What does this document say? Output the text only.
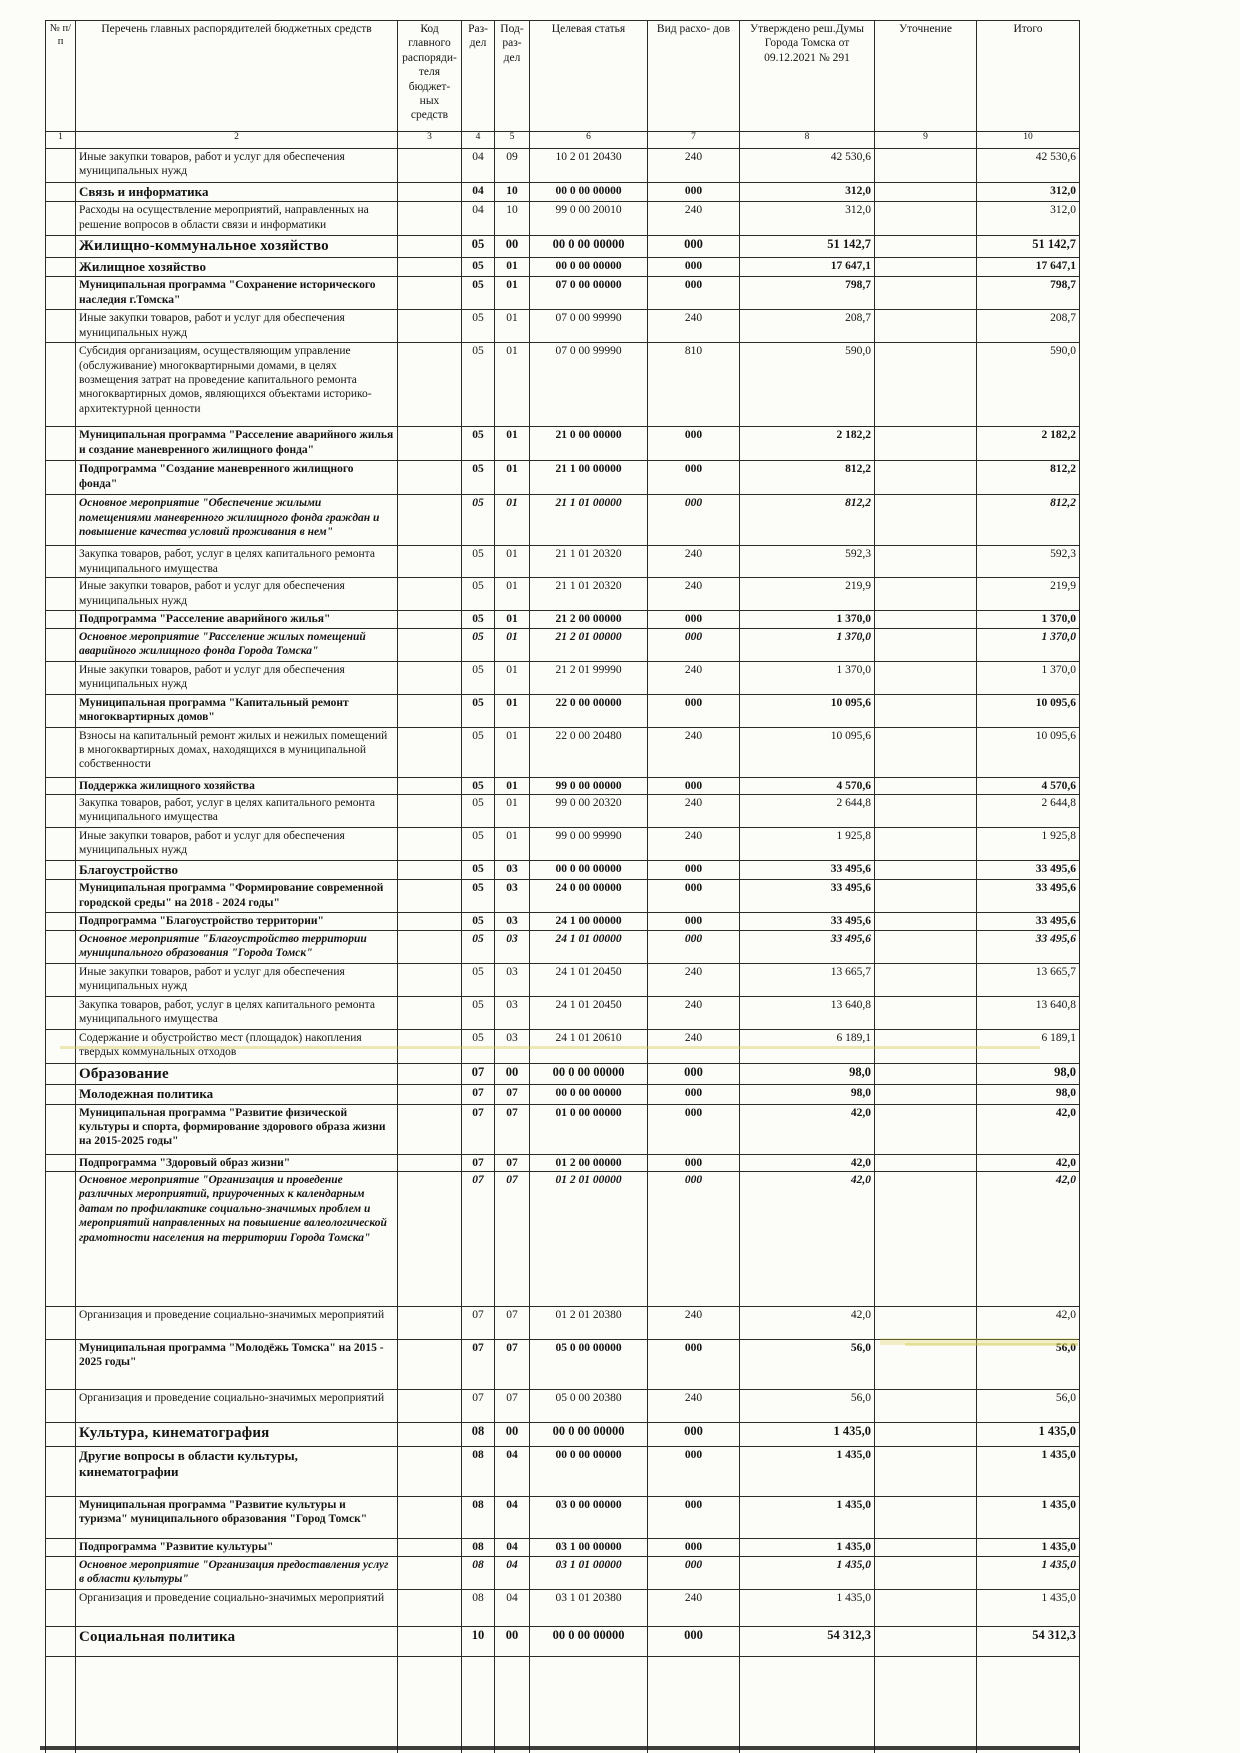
№ п/п	Перечень главных распорядителей бюджетных средств	Код главного распоряди- теля бюджет- ных средств	Раз- дел	Под- раз- дел	Целевая статья	Вид расхо- дов	Утверждено реш.Думы Города Томска от 09.12.2021 № 291	Уточнение	Итого
1	2	3	4	5	6	7	8	9	10
	Иные закупки товаров, работ и услуг для обеспечения муниципальных нужд		04	09	10 2 01 20430	240	42 530,6		42 530,6
	Связь и информатика		04	10	00 0 00 00000	000	312,0		312,0
	Расходы на осуществление мероприятий, направленных на решение вопросов в области связи и информатики		04	10	99 0 00 20010	240	312,0		312,0
	Жилищно-коммунальное хозяйство		05	00	00 0 00 00000	000	51 142,7		51 142,7
	Жилищное хозяйство		05	01	00 0 00 00000	000	17 647,1		17 647,1
	Муниципальная программа "Сохранение исторического наследия г.Томска"		05	01	07 0 00 00000	000	798,7		798,7
	Иные закупки товаров, работ и услуг для обеспечения муниципальных нужд		05	01	07 0 00 99990	240	208,7		208,7
	Субсидия организациям, осуществляющим управление (обслуживание) многоквартирными домами, в целях возмещения затрат на проведение капитального ремонта многоквартирных домов, являющихся объектами историко-архитектурной ценности		05	01	07 0 00 99990	810	590,0		590,0
	Муниципальная программа "Расселение аварийного жилья и создание маневренного жилищного фонда"		05	01	21 0 00 00000	000	2 182,2		2 182,2
	Подпрограмма "Создание маневренного жилищного фонда"		05	01	21 1 00 00000	000	812,2		812,2
	Основное мероприятие "Обеспечение жилыми помещениями маневренного жилищного фонда граждан и повышение качества условий проживания в нем"		05	01	21 1 01 00000	000	812,2		812,2
	Закупка товаров, работ, услуг в целях капитального ремонта муниципального имущества		05	01	21 1 01 20320	240	592,3		592,3
	Иные закупки товаров, работ и услуг для обеспечения муниципальных нужд		05	01	21 1 01 20320	240	219,9		219,9
	Подпрограмма "Расселение аварийного жилья"		05	01	21 2 00 00000	000	1 370,0		1 370,0
	Основное мероприятие "Расселение жилых помещений аварийного жилищного фонда Города Томска"		05	01	21 2 01 00000	000	1 370,0		1 370,0
	Иные закупки товаров, работ и услуг для обеспечения муниципальных нужд		05	01	21 2 01 99990	240	1 370,0		1 370,0
	Муниципальная программа "Капитальный ремонт многоквартирных домов"		05	01	22 0 00 00000	000	10 095,6		10 095,6
	Взносы на капитальный ремонт жилых и нежилых помещений в многоквартирных домах, находящихся в муниципальной собственности		05	01	22 0 00 20480	240	10 095,6		10 095,6
	Поддержка жилищного хозяйства		05	01	99 0 00 00000	000	4 570,6		4 570,6
	Закупка товаров, работ, услуг в целях капитального ремонта муниципального имущества		05	01	99 0 00 20320	240	2 644,8		2 644,8
	Иные закупки товаров, работ и услуг для обеспечения муниципальных нужд		05	01	99 0 00 99990	240	1 925,8		1 925,8
	Благоустройство		05	03	00 0 00 00000	000	33 495,6		33 495,6
	Муниципальная программа "Формирование современной городской среды" на 2018 - 2024 годы"		05	03	24 0 00 00000	000	33 495,6		33 495,6
	Подпрограмма "Благоустройство территории"		05	03	24 1 00 00000	000	33 495,6		33 495,6
	Основное мероприятие "Благоустройство территории муниципального образования "Города Томск"		05	03	24 1 01 00000	000	33 495,6		33 495,6
	Иные закупки товаров, работ и услуг для обеспечения муниципальных нужд		05	03	24 1 01 20450	240	13 665,7		13 665,7
	Закупка товаров, работ, услуг в целях капитального ремонта муниципального имущества		05	03	24 1 01 20450	240	13 640,8		13 640,8
	Содержание и обустройство мест (площадок) накопления твердых коммунальных отходов		05	03	24 1 01 20610	240	6 189,1		6 189,1
	Образование		07	00	00 0 00 00000	000	98,0		98,0
	Молодежная политика		07	07	00 0 00 00000	000	98,0		98,0
	Муниципальная программа "Развитие физической культуры и спорта, формирование здорового образа жизни на 2015-2025 годы"		07	07	01 0 00 00000	000	42,0		42,0
	Подпрограмма "Здоровый образ жизни"		07	07	01 2 00 00000	000	42,0		42,0
	Основное мероприятие "Организация и проведение различных мероприятий, приуроченных к календарным датам по профилактике социально-значимых проблем и мероприятий направленных на повышение валеологической грамотности населения на территории Города Томска"		07	07	01 2 01 00000	000	42,0		42,0
	Организация и проведение социально-значимых мероприятий		07	07	01 2 01 20380	240	42,0		42,0
	Муниципальная программа "Молодёжь Томска" на 2015 - 2025 годы"		07	07	05 0 00 00000	000	56,0		56,0
	Организация и проведение социально-значимых мероприятий		07	07	05 0 00 20380	240	56,0		56,0
	Культура, кинематография		08	00	00 0 00 00000	000	1 435,0		1 435,0
	Другие вопросы в области культуры, кинематографии		08	04	00 0 00 00000	000	1 435,0		1 435,0
	Муниципальная программа "Развитие культуры и туризма" муниципального образования "Город Томск"		08	04	03 0 00 00000	000	1 435,0		1 435,0
	Подпрограмма "Развитие культуры"		08	04	03 1 00 00000	000	1 435,0		1 435,0
	Основное мероприятие "Организация предоставления услуг в области культуры"		08	04	03 1 01 00000	000	1 435,0		1 435,0
	Организация и проведение социально-значимых мероприятий		08	04	03 1 01 20380	240	1 435,0		1 435,0
	Социальная политика		10	00	00 0 00 00000	000	54 312,3		54 312,3
